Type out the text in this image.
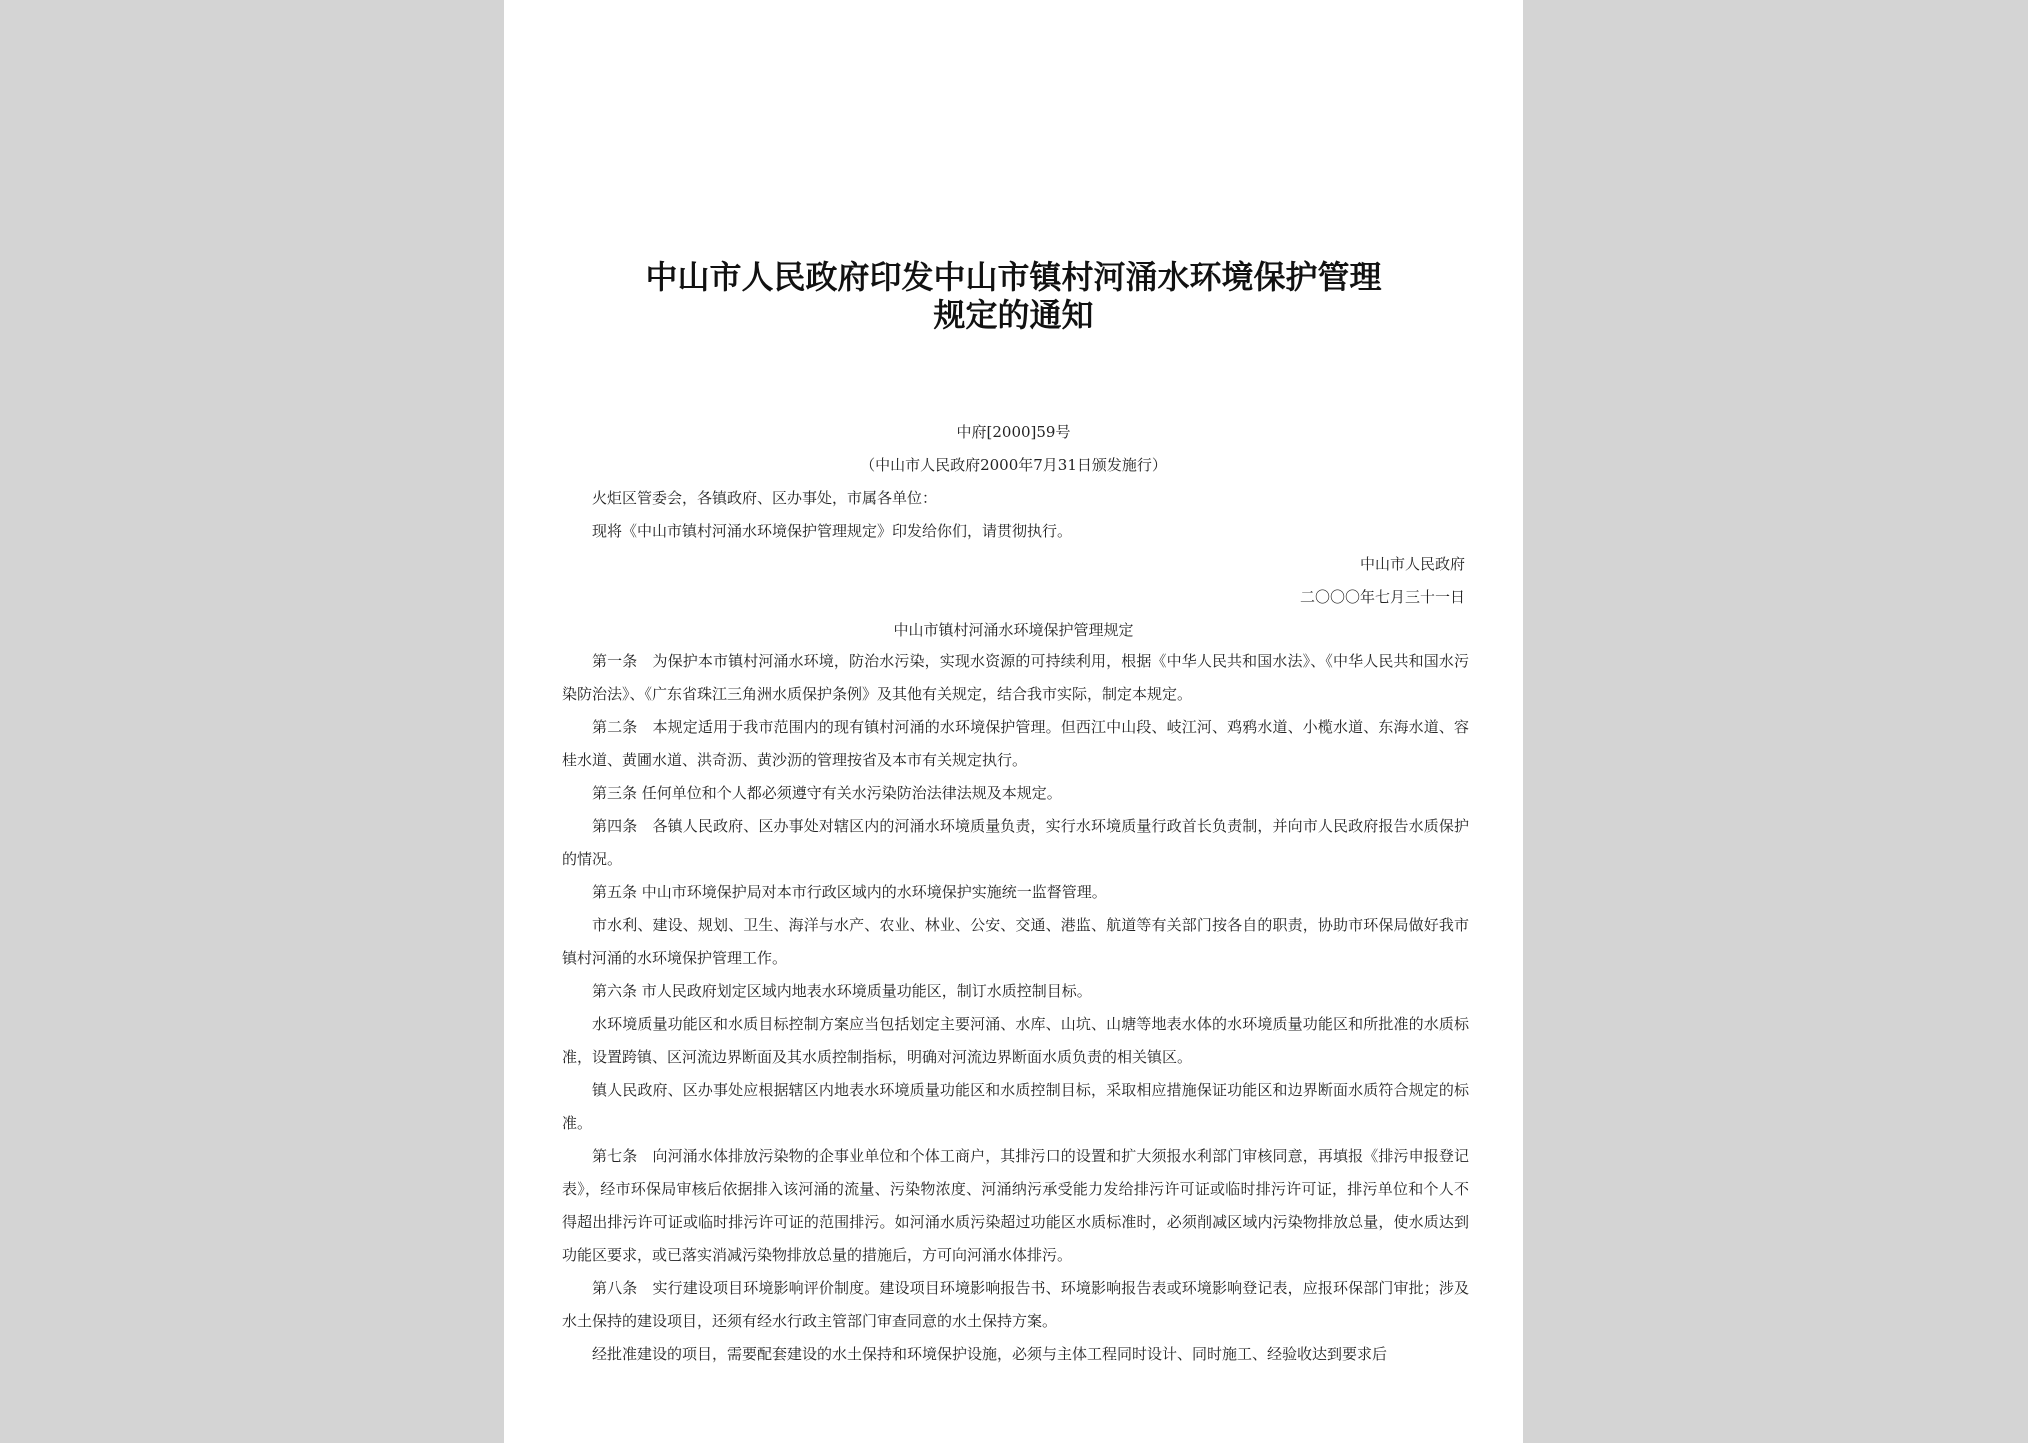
中山市人民政府印发中山市镇村河涌水环境保护管理
规定的通知
中府[2000]59号
（中山市人民政府2000年7月31日颁发施行）
火炬区管委会，各镇政府、区办事处，市属各单位：
现将《中山市镇村河涌水环境保护管理规定》印发给你们，请贯彻执行。
中山市人民政府
二〇〇〇年七月三十一日
中山市镇村河涌水环境保护管理规定
第一条　为保护本市镇村河涌水环境，防治水污染，实现水资源的可持续利用，根据《中华人民共和国水法》、《中华人民共和国水污染防治法》、《广东省珠江三角洲水质保护条例》及其他有关规定，结合我市实际，制定本规定。
第二条　本规定适用于我市范围内的现有镇村河涌的水环境保护管理。但西江中山段、岐江河、鸡鸦水道、小榄水道、东海水道、容桂水道、黄圃水道、洪奇沥、黄沙沥的管理按省及本市有关规定执行。
第三条 任何单位和个人都必须遵守有关水污染防治法律法规及本规定。
第四条　各镇人民政府、区办事处对辖区内的河涌水环境质量负责，实行水环境质量行政首长负责制，并向市人民政府报告水质保护的情况。
第五条 中山市环境保护局对本市行政区域内的水环境保护实施统一监督管理。
市水利、建设、规划、卫生、海洋与水产、农业、林业、公安、交通、港监、航道等有关部门按各自的职责，协助市环保局做好我市镇村河涌的水环境保护管理工作。
第六条 市人民政府划定区域内地表水环境质量功能区，制订水质控制目标。
水环境质量功能区和水质目标控制方案应当包括划定主要河涌、水库、山坑、山塘等地表水体的水环境质量功能区和所批准的水质标准，设置跨镇、区河流边界断面及其水质控制指标，明确对河流边界断面水质负责的相关镇区。
镇人民政府、区办事处应根据辖区内地表水环境质量功能区和水质控制目标，采取相应措施保证功能区和边界断面水质符合规定的标准。
第七条　向河涌水体排放污染物的企事业单位和个体工商户，其排污口的设置和扩大须报水利部门审核同意，再填报《排污申报登记表》，经市环保局审核后依据排入该河涌的流量、污染物浓度、河涌纳污承受能力发给排污许可证或临时排污许可证，排污单位和个人不得超出排污许可证或临时排污许可证的范围排污。如河涌水质污染超过功能区水质标准时，必须削减区域内污染物排放总量，使水质达到功能区要求，或已落实消减污染物排放总量的措施后，方可向河涌水体排污。
第八条　实行建设项目环境影响评价制度。建设项目环境影响报告书、环境影响报告表或环境影响登记表，应报环保部门审批；涉及水土保持的建设项目，还须有经水行政主管部门审查同意的水土保持方案。
经批准建设的项目，需要配套建设的水土保持和环境保护设施，必须与主体工程同时设计、同时施工、经验收达到要求后
